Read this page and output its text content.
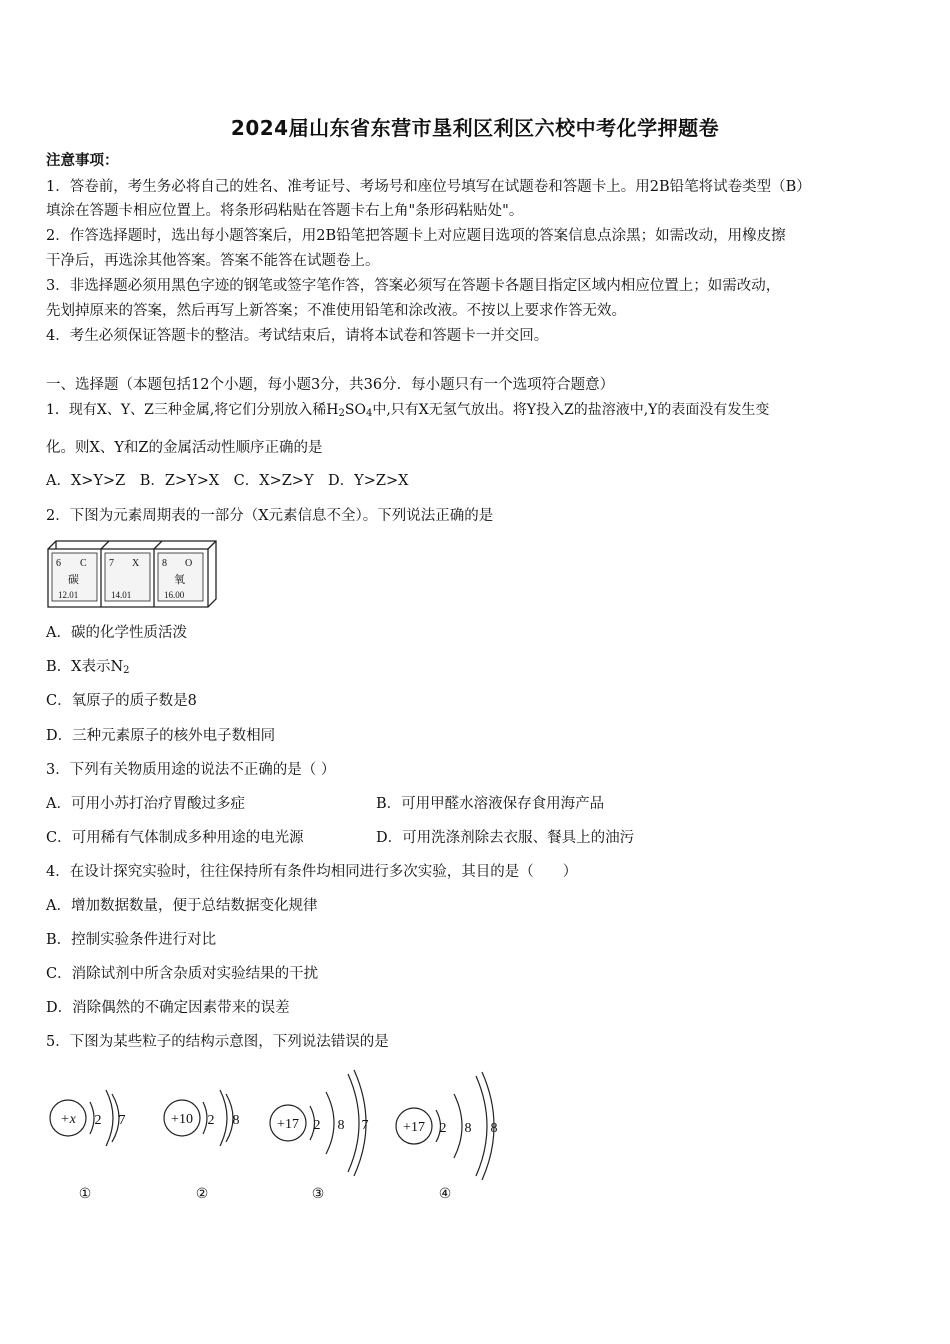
2024届山东省东营市垦利区利区六校中考化学押题卷
注意事项：
1．答卷前，考生务必将自己的姓名、准考证号、考场号和座位号填写在试题卷和答题卡上。用2B铅笔将试卷类型（B）
填涂在答题卡相应位置上。将条形码粘贴在答题卡右上角"条形码粘贴处"。
2．作答选择题时，选出每小题答案后，用2B铅笔把答题卡上对应题目选项的答案信息点涂黑；如需改动，用橡皮擦
干净后，再选涂其他答案。答案不能答在试题卷上。
3．非选择题必须用黑色字迹的钢笔或签字笔作答，答案必须写在答题卡各题目指定区域内相应位置上；如需改动，
先划掉原来的答案，然后再写上新答案；不准使用铅笔和涂改液。不按以上要求作答无效。
4．考生必须保证答题卡的整洁。考试结束后，请将本试卷和答题卡一并交回。
一、选择题（本题包括12个小题，每小题3分，共36分．每小题只有一个选项符合题意）
1．现有X、Y、Z三种金属,将它们分别放入稀$H_2SO_4$中,只有X无氢气放出。将Y投入Z的盐溶液中,Y的表面没有发生变
化。则X、Y和Z的金属活动性顺序正确的是
A．X>Y>Z　B．Z>Y>X　C．X>Z>Y　D．Y>Z>X
2．下图为元素周期表的一部分（X元素信息不全）。下列说法正确的是
6 C
碳
12.01
7 X
14.01
8 O
氧
16.00
A．碳的化学性质活泼
B．X表示$N_2$
C．氧原子的质子数是8
D．三种元素原子的核外电子数相同
3．下列有关物质用途的说法不正确的是（ ）
A．可用小苏打治疗胃酸过多症	B．可用甲醛水溶液保存食用海产品
C．可用稀有气体制成多种用途的电光源	D．可用洗涤剂除去衣服、餐具上的油污
4．在设计探究实验时，往往保持所有条件均相同进行多次实验，其目的是（　　）
A．增加数据数量，便于总结数据变化规律
B．控制实验条件进行对比
C．消除试剂中所含杂质对实验结果的干扰
D．消除偶然的不确定因素带来的误差
5．下图为某些粒子的结构示意图，下列说法错误的是
+x 2 7
①
+10 2 8
②
+17 2 8 7
③
+17 2 8 8
④
